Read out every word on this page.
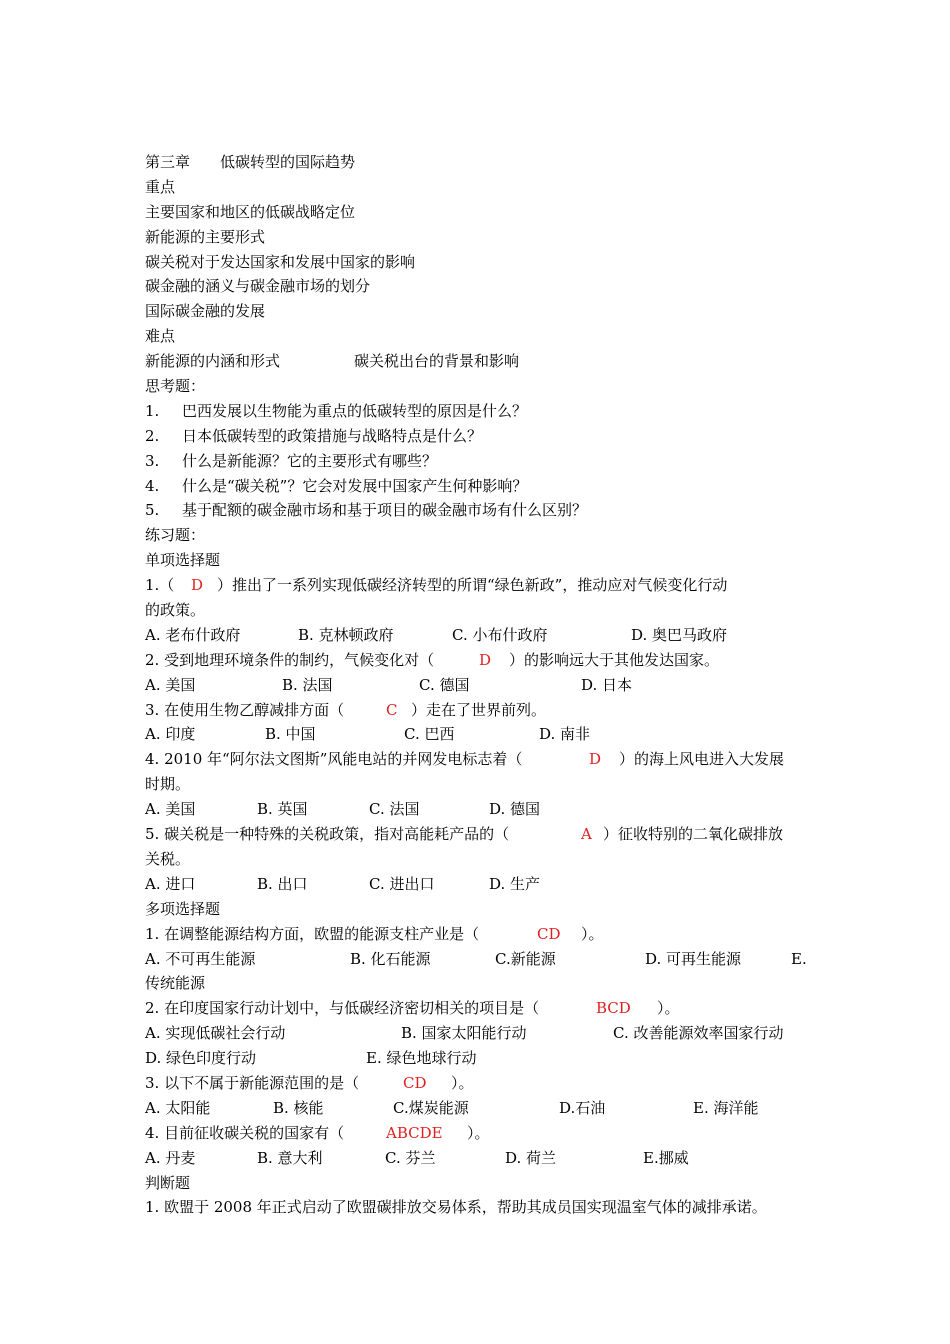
第三章　　低碳转型的国际趋势
重点
主要国家和地区的低碳战略定位
新能源的主要形式
碳关税对于发达国家和发展中国家的影响
碳金融的涵义与碳金融市场的划分
国际碳金融的发展
难点
新能源的内涵和形式	碳关税出台的背景和影响
思考题：
1. 巴西发展以生物能为重点的低碳转型的原因是什么？
2. 日本低碳转型的政策措施与战略特点是什么？
3. 什么是新能源？它的主要形式有哪些？
4. 什么是“碳关税”？它会对发展中国家产生何种影响？
5. 基于配额的碳金融市场和基于项目的碳金融市场有什么区别？
练习题：
单项选择题
1.（ D ）推出了一系列实现低碳经济转型的所谓“绿色新政”，推动应对气候变化行动
的政策。
A. 老布什政府	B. 克林顿政府	C. 小布什政府	D. 奥巴马政府
2. 受到地理环境条件的制约，气候变化对（	D ）的影响远大于其他发达国家。
A. 美国	B. 法国	C. 德国	D. 日本
3. 在使用生物乙醇减排方面（	C ）走在了世界前列。
A. 印度	B. 中国	C. 巴西	D. 南非
4. 2010 年“阿尔法文图斯”风能电站的并网发电标志着（	D ）的海上风电进入大发展
时期。
A. 美国	B. 英国	C. 法国	D. 德国
5. 碳关税是一种特殊的关税政策，指对高能耗产品的（	A ）征收特别的二氧化碳排放
关税。
A. 进口	B. 出口	C. 进出口	D. 生产
多项选择题
1. 在调整能源结构方面，欧盟的能源支柱产业是（	CD ）。
A. 不可再生能源	B. 化石能源	C.新能源	D. 可再生能源	E.
传统能源
2. 在印度国家行动计划中，与低碳经济密切相关的项目是（	BCD ）。
A. 实现低碳社会行动	B. 国家太阳能行动	C. 改善能源效率国家行动
D. 绿色印度行动	E. 绿色地球行动
3. 以下不属于新能源范围的是（	CD ）。
A. 太阳能	B. 核能	C.煤炭能源	D.石油	E. 海洋能
4. 目前征收碳关税的国家有（	ABCDE ）。
A. 丹麦	B. 意大利	C. 芬兰	D. 荷兰	E.挪威
判断题
1. 欧盟于 2008 年正式启动了欧盟碳排放交易体系，帮助其成员国实现温室气体的减排承诺。
